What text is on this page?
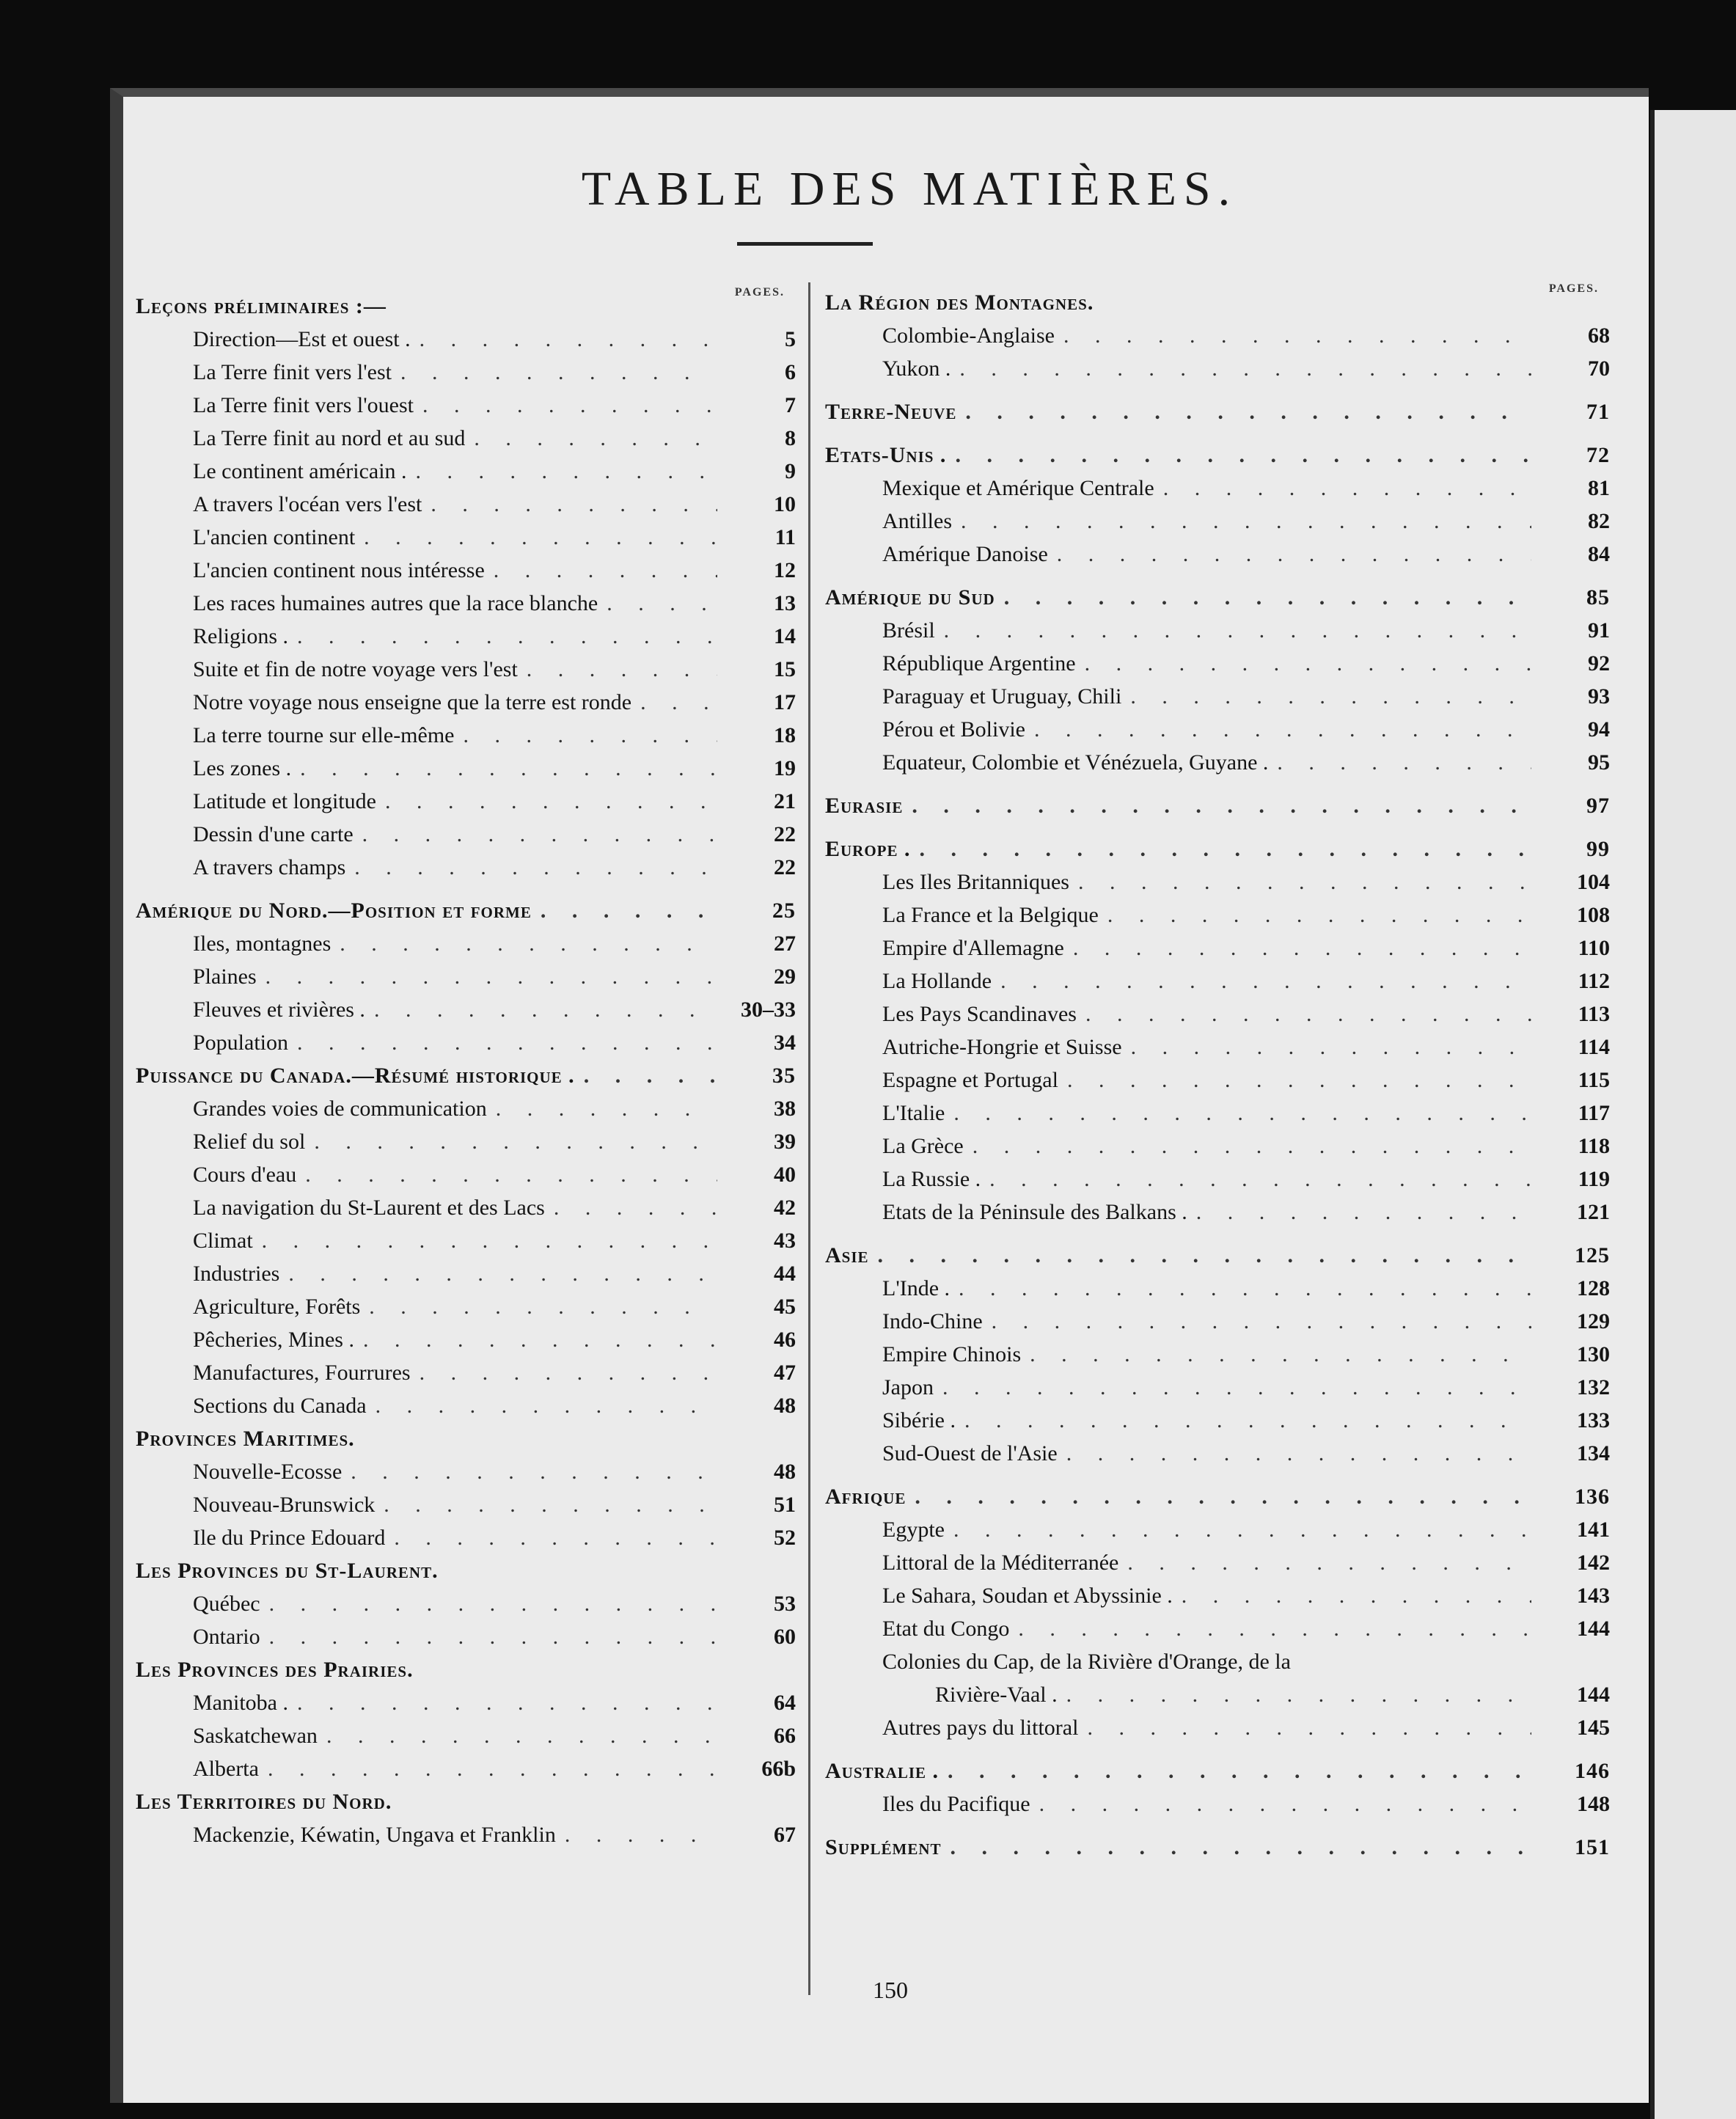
TABLE DES MATIÈRES.
PAGES.
Leçons préliminaires :—
Direction—Est et ouest . . . .	5
La Terre finit vers l'est . . .	6
La Terre finit vers l'ouest . . .	7
La Terre finit au nord et au sud . . .	8
Le continent américain . . . .	9
A travers l'océan vers l'est . . .	10
L'ancien continent . . .	11
L'ancien continent nous intéresse . . .	12
Les races humaines autres que la race blanche . . .	13
Religions . . . .	14
Suite et fin de notre voyage vers l'est . . .	15
Notre voyage nous enseigne que la terre est ronde . . .	17
La terre tourne sur elle-même . . .	18
Les zones . . . .	19
Latitude et longitude . . .	21
Dessin d'une carte . . .	22
A travers champs . . .	22
Amérique du Nord.—Position et forme . . .	25
Iles, montagnes . . .	27
Plaines . . .	29
Fleuves et rivières . . . .	30–33
Population . . .	34
Puissance du Canada.—Résumé historique . . . .	35
Grandes voies de communication . . .	38
Relief du sol . . .	39
Cours d'eau . . .	40
La navigation du St-Laurent et des Lacs . . .	42
Climat . . .	43
Industries . . .	44
Agriculture, Forêts . . .	45
Pêcheries, Mines . . . .	46
Manufactures, Fourrures . . .	47
Sections du Canada . . .	48
Provinces Maritimes.
Nouvelle-Ecosse . . .	48
Nouveau-Brunswick . . .	51
Ile du Prince Edouard . . .	52
Les Provinces du St-Laurent.
Québec . . .	53
Ontario . . .	60
Les Provinces des Prairies.
Manitoba . . . .	64
Saskatchewan . . .	66
Alberta . . .	66b
Les Territoires du Nord.
Mackenzie, Kéwatin, Ungava et Franklin . . .	67
PAGES.
La Région des Montagnes.
Colombie-Anglaise . . .	68
Yukon . . . .	70
Terre-Neuve . . .	71
Etats-Unis . . . .	72
Mexique et Amérique Centrale . . .	81
Antilles . . .	82
Amérique Danoise . . .	84
Amérique du Sud . . .	85
Brésil . . .	91
République Argentine . . .	92
Paraguay et Uruguay, Chili . . .	93
Pérou et Bolivie . . .	94
Equateur, Colombie et Vénézuela, Guyane . . . .	95
Eurasie . . .	97
Europe . . . .	99
Les Iles Britanniques . . .	104
La France et la Belgique . . .	108
Empire d'Allemagne . . .	110
La Hollande . . .	112
Les Pays Scandinaves . . .	113
Autriche-Hongrie et Suisse . . .	114
Espagne et Portugal . . .	115
L'Italie . . .	117
La Grèce . . .	118
La Russie . . . .	119
Etats de la Péninsule des Balkans . . . .	121
Asie . . .	125
L'Inde . . . .	128
Indo-Chine . . .	129
Empire Chinois . . .	130
Japon . . .	132
Sibérie . . . .	133
Sud-Ouest de l'Asie . . .	134
Afrique . . .	136
Egypte . . .	141
Littoral de la Méditerranée . . .	142
Le Sahara, Soudan et Abyssinie . . . .	143
Etat du Congo . . .	144
Colonies du Cap, de la Rivière d'Orange, de la
Rivière-Vaal . . . .	144
Autres pays du littoral . . .	145
Australie . . . .	146
Iles du Pacifique . . .	148
Supplément . . .	151
150
